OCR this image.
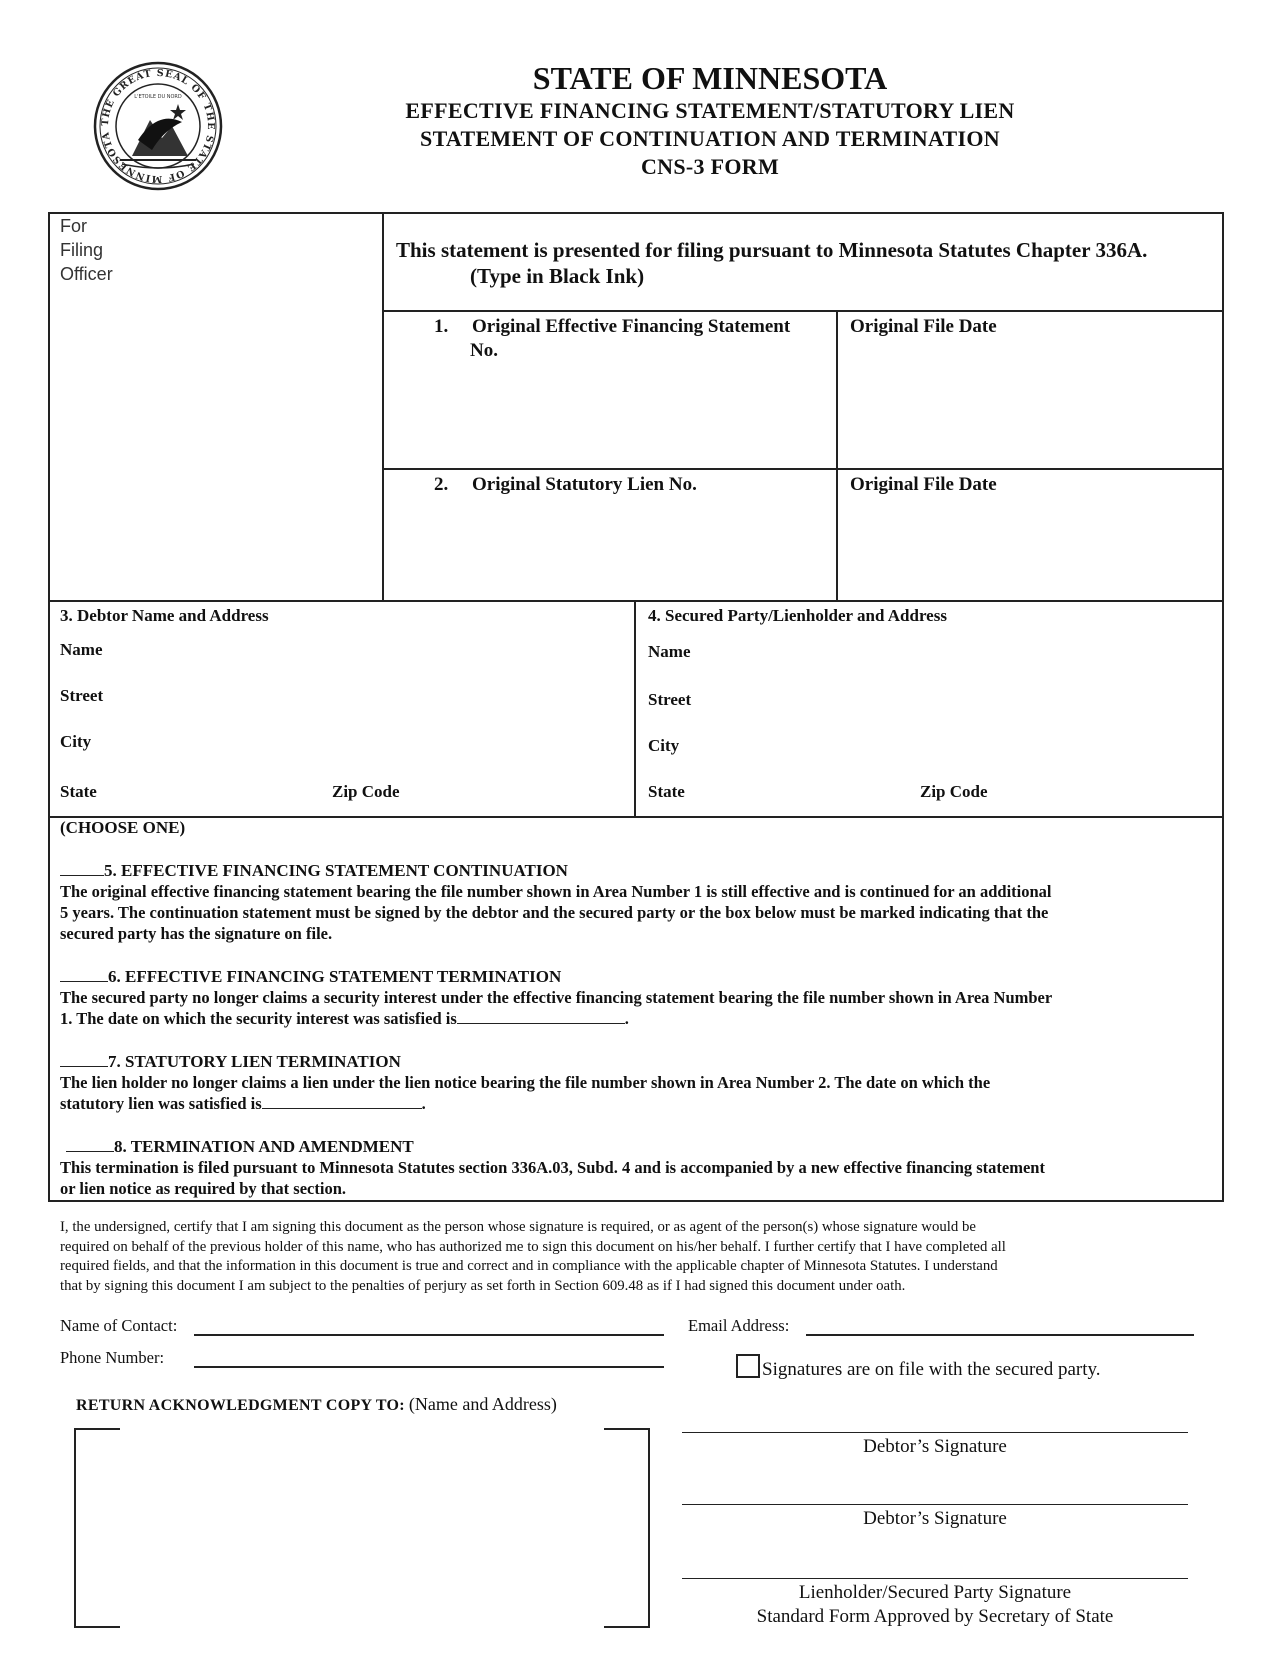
THE GREAT SEAL OF THE STATE OF MINNESOTA
L'ETOILE DU NORD
STATE OF MINNESOTA
EFFECTIVE FINANCING STATEMENT/STATUTORY LIEN
STATEMENT OF CONTINUATION AND TERMINATION
CNS-3 FORM
For
Filing
Officer
This statement is presented for filing pursuant to Minnesota Statutes Chapter 336A.
(Type in Black Ink)
1. Original Effective Financing Statement
No.
Original File Date
2. Original Statutory Lien No.	Original File Date
3. Debtor Name and Address
Name
Street
City
State	Zip Code
4. Secured Party/Lienholder and Address
Name
Street
City
State	Zip Code
(CHOOSE ONE)
5. EFFECTIVE FINANCING STATEMENT CONTINUATION
The original effective financing statement bearing the file number shown in Area Number 1 is still effective and is continued for an additional
5 years. The continuation statement must be signed by the debtor and the secured party or the box below must be marked indicating that the
secured party has the signature on file.
6. EFFECTIVE FINANCING STATEMENT TERMINATION
The secured party no longer claims a security interest under the effective financing statement bearing the file number shown in Area Number
1. The date on which the security interest was satisfied is	.
7. STATUTORY LIEN TERMINATION
The lien holder no longer claims a lien under the lien notice bearing the file number shown in Area Number 2. The date on which the
statutory lien was satisfied is	.
8. TERMINATION AND AMENDMENT
This termination is filed pursuant to Minnesota Statutes section 336A.03, Subd. 4 and is accompanied by a new effective financing statement
or lien notice as required by that section.
I, the undersigned, certify that I am signing this document as the person whose signature is required, or as agent of the person(s) whose signature would be
required on behalf of the previous holder of this name, who has authorized me to sign this document on his/her behalf. I further certify that I have completed all
required fields, and that the information in this document is true and correct and in compliance with the applicable chapter of Minnesota Statutes. I understand
that by signing this document I am subject to the penalties of perjury as set forth in Section 609.48 as if I had signed this document under oath.
Name of Contact:	Email Address:
Phone Number:
Signatures are on file with the secured party.
RETURN ACKNOWLEDGMENT COPY TO: (Name and Address)
Debtor’s Signature
Debtor’s Signature
Lienholder/Secured Party Signature
Standard Form Approved by Secretary of State
